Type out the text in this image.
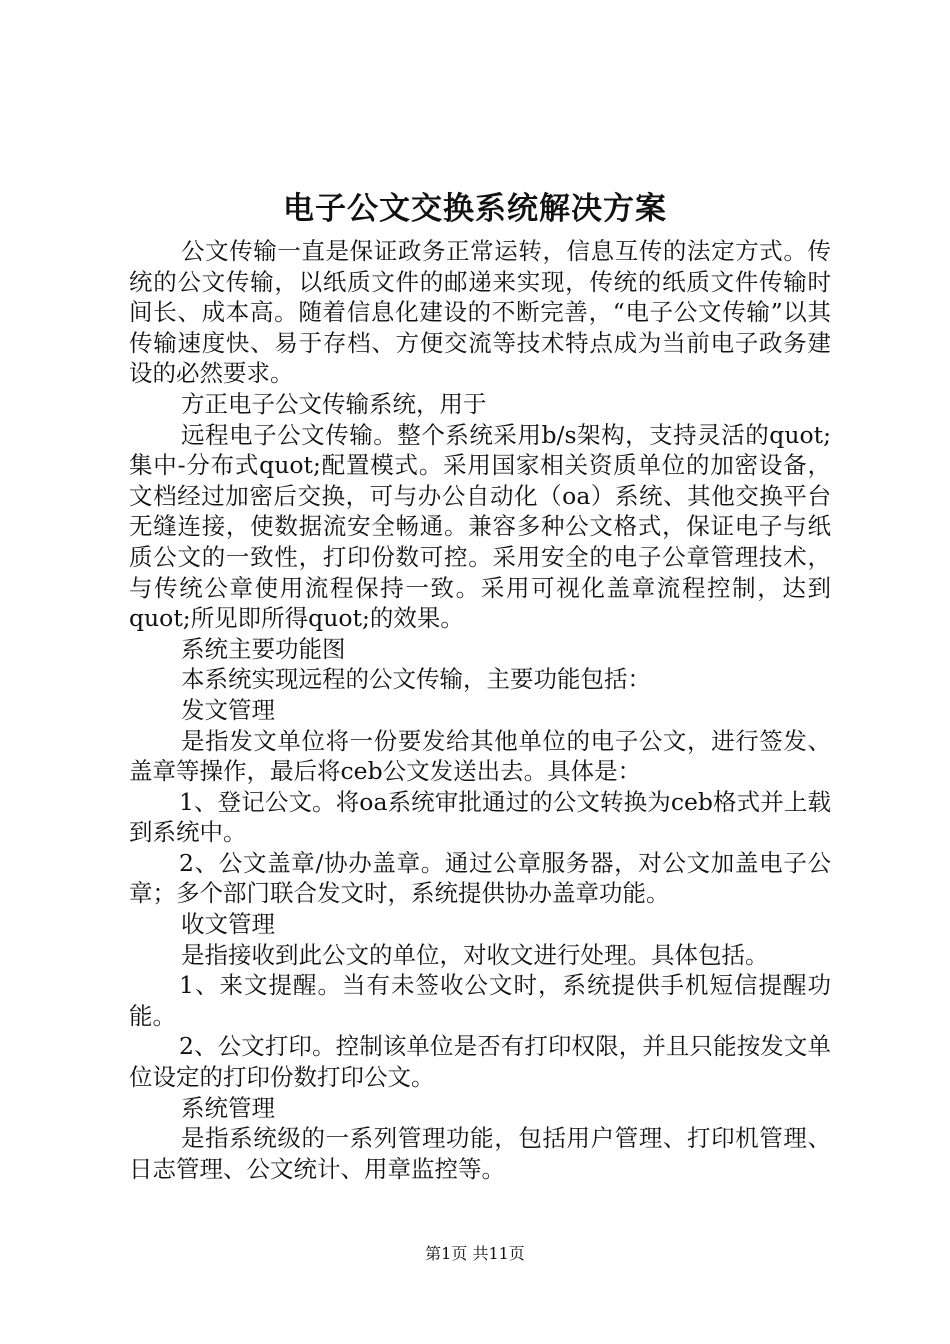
电子公文交换系统解决方案

公文传输一直是保证政务正常运转，信息互传的法定方式。传统的公文传输，以纸质文件的邮递来实现，传统的纸质文件传输时间长、成本高。随着信息化建设的不断完善，“电子公文传输”以其传输速度快、易于存档、方便交流等技术特点成为当前电子政务建设的必然要求。

方正电子公文传输系统，用于

远程电子公文传输。整个系统采用b/s架构，支持灵活的quot;集中-分布式quot;配置模式。采用国家相关资质单位的加密设备，文档经过加密后交换，可与办公自动化（oa）系统、其他交换平台无缝连接，使数据流安全畅通。兼容多种公文格式，保证电子与纸质公文的一致性，打印份数可控。采用安全的电子公章管理技术，与传统公章使用流程保持一致。采用可视化盖章流程控制，达到quot;所见即所得quot;的效果。

系统主要功能图

本系统实现远程的公文传输，主要功能包括：

发文管理

是指发文单位将一份要发给其他单位的电子公文，进行签发、盖章等操作，最后将ceb公文发送出去。具体是：

1、登记公文。将oa系统审批通过的公文转换为ceb格式并上载到系统中。

2、公文盖章/协办盖章。通过公章服务器，对公文加盖电子公章；多个部门联合发文时，系统提供协办盖章功能。

收文管理

是指接收到此公文的单位，对收文进行处理。具体包括。

1、来文提醒。当有未签收公文时，系统提供手机短信提醒功能。

2、公文打印。控制该单位是否有打印权限，并且只能按发文单位设定的打印份数打印公文。

系统管理

是指系统级的一系列管理功能，包括用户管理、打印机管理、日志管理、公文统计、用章监控等。

第1页 共11页
